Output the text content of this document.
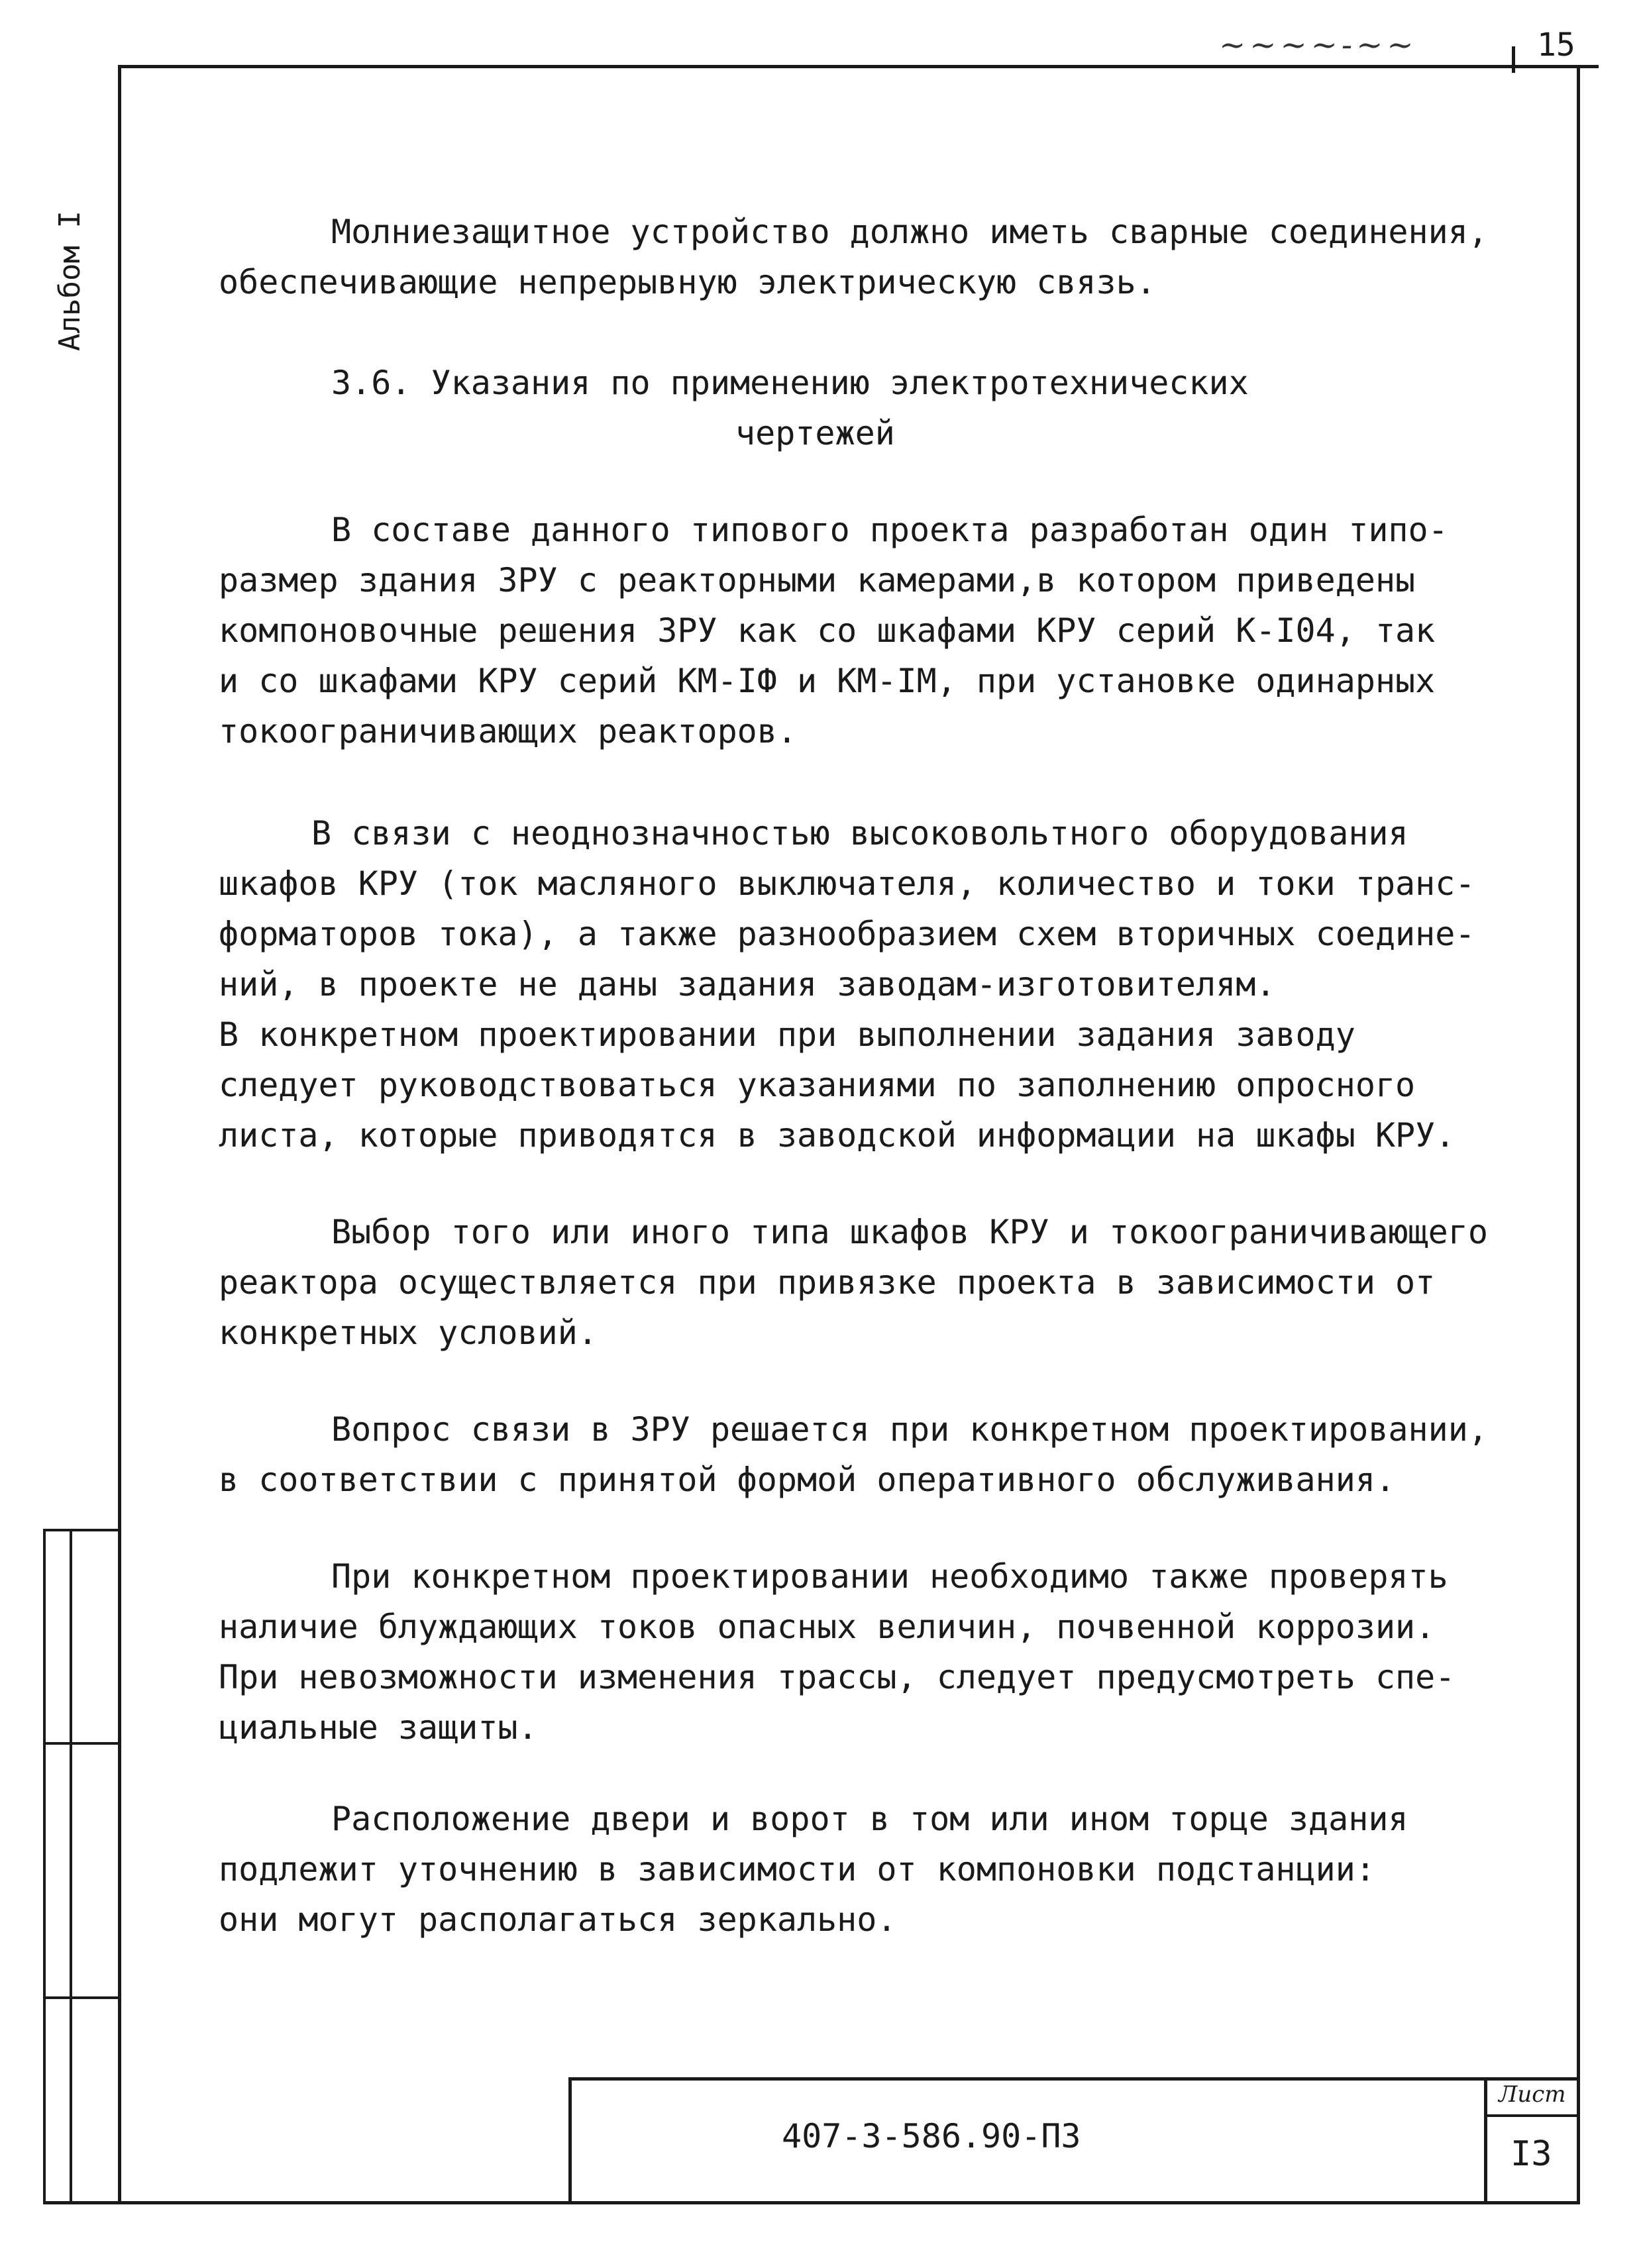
~~~~-~~	15
Альбом I	Молниезащитное устройство должно иметь сварные соединения,

обеспечивающие непрерывную электрическую связь.

3.6. Указания по применению электротехнических

чертежей

В составе данного типового проекта разработан один типо-

размер здания ЗРУ с реакторными камерами,в котором приведены

компоновочные решения ЗРУ как со шкафами КРУ серий К-I04, так

и со шкафами КРУ серий КМ-IФ и КМ-IМ, при установке одинарных

токоограничивающих реакторов.

В связи с неоднозначностью высоковольтного оборудования

шкафов КРУ (ток масляного выключателя, количество и токи транс-

форматоров тока), а также разнообразием схем вторичных соедине-

ний, в проекте не даны задания заводам-изготовителям.

В конкретном проектировании при выполнении задания заводу

следует руководствоваться указаниями по заполнению опросного

листа, которые приводятся в заводской информации на шкафы КРУ.

Выбор того или иного типа шкафов КРУ и токоограничивающего

реактора осуществляется при привязке проекта в зависимости от

конкретных условий.

Вопрос связи в ЗРУ решается при конкретном проектировании,

в соответствии с принятой формой оперативного обслуживания.

При конкретном проектировании необходимо также проверять

наличие блуждающих токов опасных величин, почвенной коррозии.

При невозможности изменения трассы, следует предусмотреть спе-

циальные защиты.

Расположение двери и ворот в том или ином торце здания

подлежит уточнению в зависимости от компоновки подстанции:

они могут располагаться зеркально.

407-3-586.90-ПЗ
Лист
I3
